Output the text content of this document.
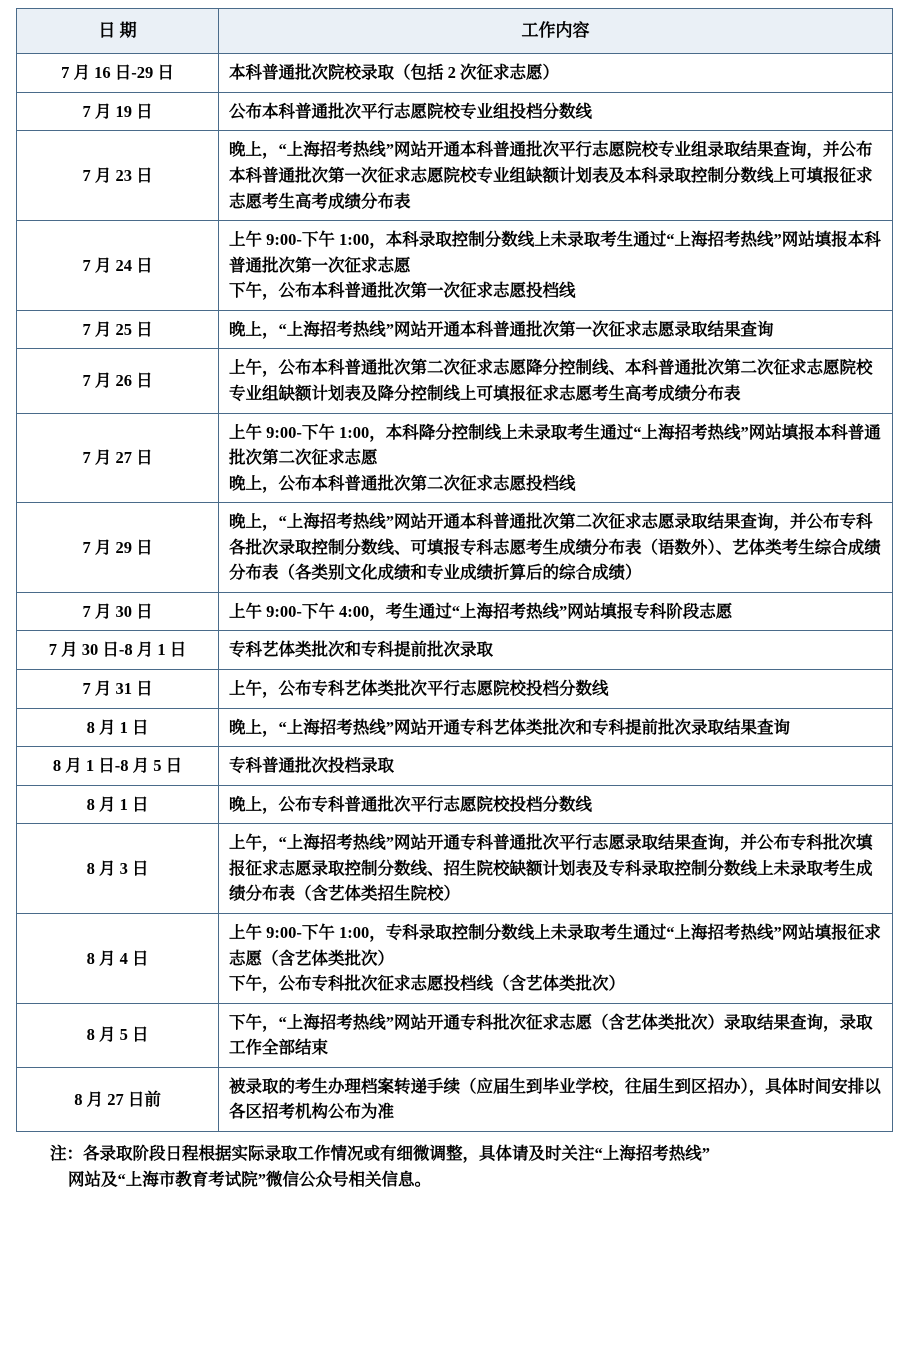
日 期	工作内容
7 月 16 日-29 日	本科普通批次院校录取（包括 2 次征求志愿）

7 月 19 日	公布本科普通批次平行志愿院校专业组投档分数线

7 月 23 日	晚上，“上海招考热线”网站开通本科普通批次平行志愿院校专业组录取结果查询，并公布本科普通批次第一次征求志愿院校专业组缺额计划表及本科录取控制分数线上可填报征求志愿考生高考成绩分布表

7 月 24 日	上午 9:00-下午 1:00，本科录取控制分数线上未录取考生通过“上海招考热线”网站填报本科普通批次第一次征求志愿
下午，公布本科普通批次第一次征求志愿投档线

7 月 25 日	晚上，“上海招考热线”网站开通本科普通批次第一次征求志愿录取结果查询

7 月 26 日	上午，公布本科普通批次第二次征求志愿降分控制线、本科普通批次第二次征求志愿院校专业组缺额计划表及降分控制线上可填报征求志愿考生高考成绩分布表

7 月 27 日	上午 9:00-下午 1:00，本科降分控制线上未录取考生通过“上海招考热线”网站填报本科普通批次第二次征求志愿
晚上，公布本科普通批次第二次征求志愿投档线

7 月 29 日	晚上，“上海招考热线”网站开通本科普通批次第二次征求志愿录取结果查询，并公布专科各批次录取控制分数线、可填报专科志愿考生成绩分布表（语数外）、艺体类考生综合成绩分布表（各类别文化成绩和专业成绩折算后的综合成绩）

7 月 30 日	上午 9:00-下午 4:00，考生通过“上海招考热线”网站填报专科阶段志愿

7 月 30 日-8 月 1 日	专科艺体类批次和专科提前批次录取

7 月 31 日	上午，公布专科艺体类批次平行志愿院校投档分数线

8 月 1 日	晚上，“上海招考热线”网站开通专科艺体类批次和专科提前批次录取结果查询

8 月 1 日-8 月 5 日	专科普通批次投档录取

8 月 1 日	晚上，公布专科普通批次平行志愿院校投档分数线

8 月 3 日	上午，“上海招考热线”网站开通专科普通批次平行志愿录取结果查询，并公布专科批次填报征求志愿录取控制分数线、招生院校缺额计划表及专科录取控制分数线上未录取考生成绩分布表（含艺体类招生院校）

8 月 4 日	上午 9:00-下午 1:00，专科录取控制分数线上未录取考生通过“上海招考热线”网站填报征求志愿（含艺体类批次）
下午，公布专科批次征求志愿投档线（含艺体类批次）

8 月 5 日	下午，“上海招考热线”网站开通专科批次征求志愿（含艺体类批次）录取结果查询，录取工作全部结束

8 月 27 日前	被录取的考生办理档案转递手续（应届生到毕业学校，往届生到区招办），具体时间安排以各区招考机构公布为准
注：各录取阶段日程根据实际录取工作情况或有细微调整，具体请及时关注“上海招考热线”
网站及“上海市教育考试院”微信公众号相关信息。
